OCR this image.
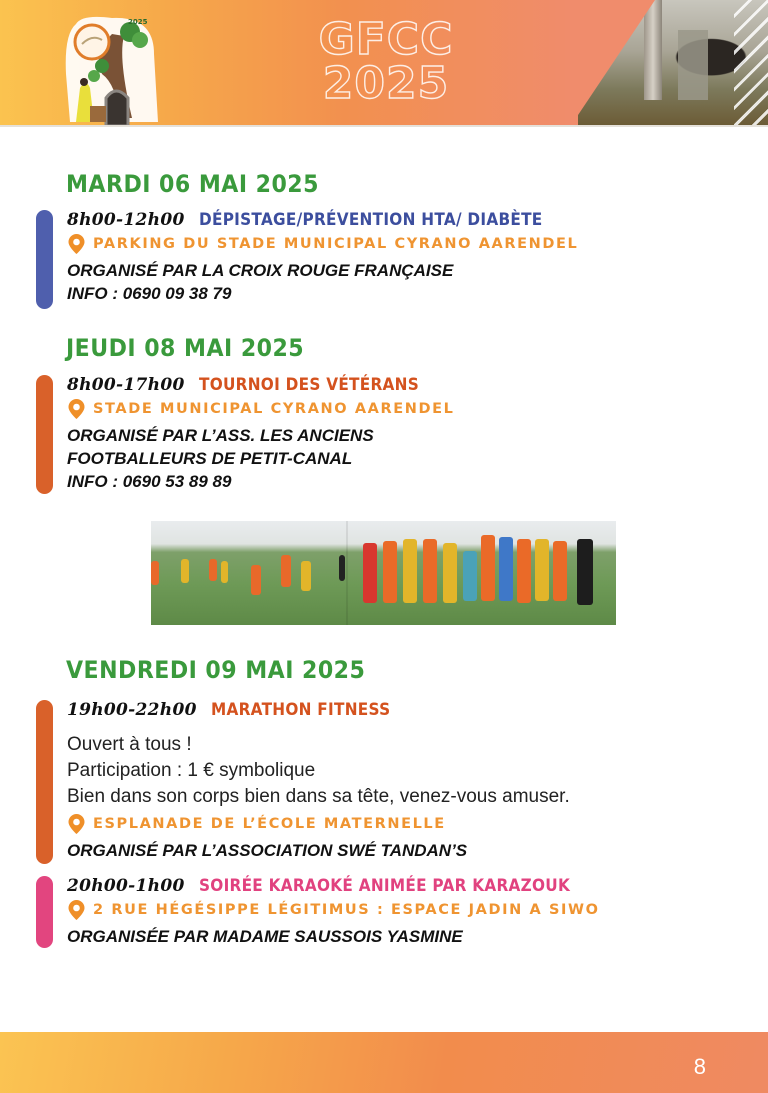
GFCC
2025
2025
MARDI 06 MAI 2025
8h00-12h00 DÉPISTAGE/PRÉVENTION HTA/ DIABÈTE
PARKING DU STADE MUNICIPAL CYRANO AARENDEL
ORGANISÉ PAR LA CROIX ROUGE FRANÇAISE
INFO : 0690 09 38 79
JEUDI 08 MAI 2025
8h00-17h00 TOURNOI DES VÉTÉRANS
STADE MUNICIPAL CYRANO AARENDEL
ORGANISÉ PAR L’ASS. LES ANCIENS
FOOTBALLEURS DE PETIT-CANAL
INFO : 0690 53 89 89
VENDREDI 09 MAI 2025
19h00-22h00 MARATHON FITNESS
Ouvert à tous !
Participation : 1 € symbolique
Bien dans son corps bien dans sa tête, venez-vous amuser.
ESPLANADE DE L’ÉCOLE MATERNELLE
ORGANISÉ PAR L’ASSOCIATION SWÉ TANDAN’S
20h00-1h00 SOIRÉE KARAOKÉ ANIMÉE PAR KARAZOUK
2 RUE HÉGÉSIPPE LÉGITIMUS : ESPACE JADIN A SIWO
ORGANISÉE PAR MADAME SAUSSOIS YASMINE
8
